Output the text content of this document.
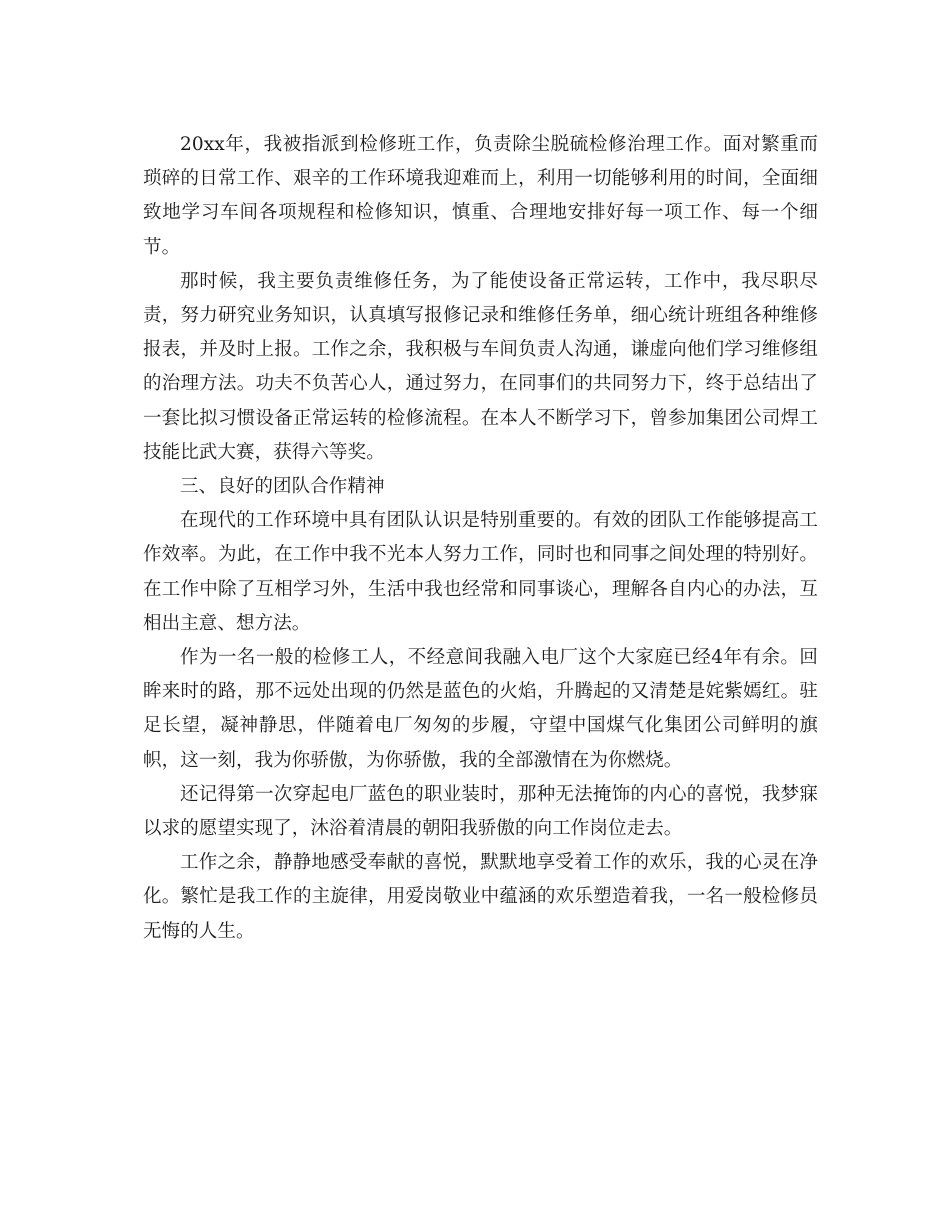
20xx年，我被指派到检修班工作，负责除尘脱硫检修治理工作。面对繁重而琐碎的日常工作、艰辛的工作环境我迎难而上，利用一切能够利用的时间，全面细致地学习车间各项规程和检修知识，慎重、合理地安排好每一项工作、每一个细节。

那时候，我主要负责维修任务，为了能使设备正常运转，工作中，我尽职尽责，努力研究业务知识，认真填写报修记录和维修任务单，细心统计班组各种维修报表，并及时上报。工作之余，我积极与车间负责人沟通，谦虚向他们学习维修组的治理方法。功夫不负苦心人，通过努力，在同事们的共同努力下，终于总结出了一套比拟习惯设备正常运转的检修流程。在本人不断学习下，曾参加集团公司焊工技能比武大赛，获得六等奖。

三、良好的团队合作精神

在现代的工作环境中具有团队认识是特别重要的。有效的团队工作能够提高工作效率。为此，在工作中我不光本人努力工作，同时也和同事之间处理的特别好。在工作中除了互相学习外，生活中我也经常和同事谈心，理解各自内心的办法，互相出主意、想方法。

作为一名一般的检修工人，不经意间我融入电厂这个大家庭已经4年有余。回眸来时的路，那不远处出现的仍然是蓝色的火焰，升腾起的又清楚是姹紫嫣红。驻足长望，凝神静思，伴随着电厂匆匆的步履，守望中国煤气化集团公司鲜明的旗帜，这一刻，我为你骄傲，为你骄傲，我的全部激情在为你燃烧。

还记得第一次穿起电厂蓝色的职业装时，那种无法掩饰的内心的喜悦，我梦寐以求的愿望实现了，沐浴着清晨的朝阳我骄傲的向工作岗位走去。

工作之余，静静地感受奉献的喜悦，默默地享受着工作的欢乐，我的心灵在净化。繁忙是我工作的主旋律，用爱岗敬业中蕴涵的欢乐塑造着我，一名一般检修员无悔的人生。
